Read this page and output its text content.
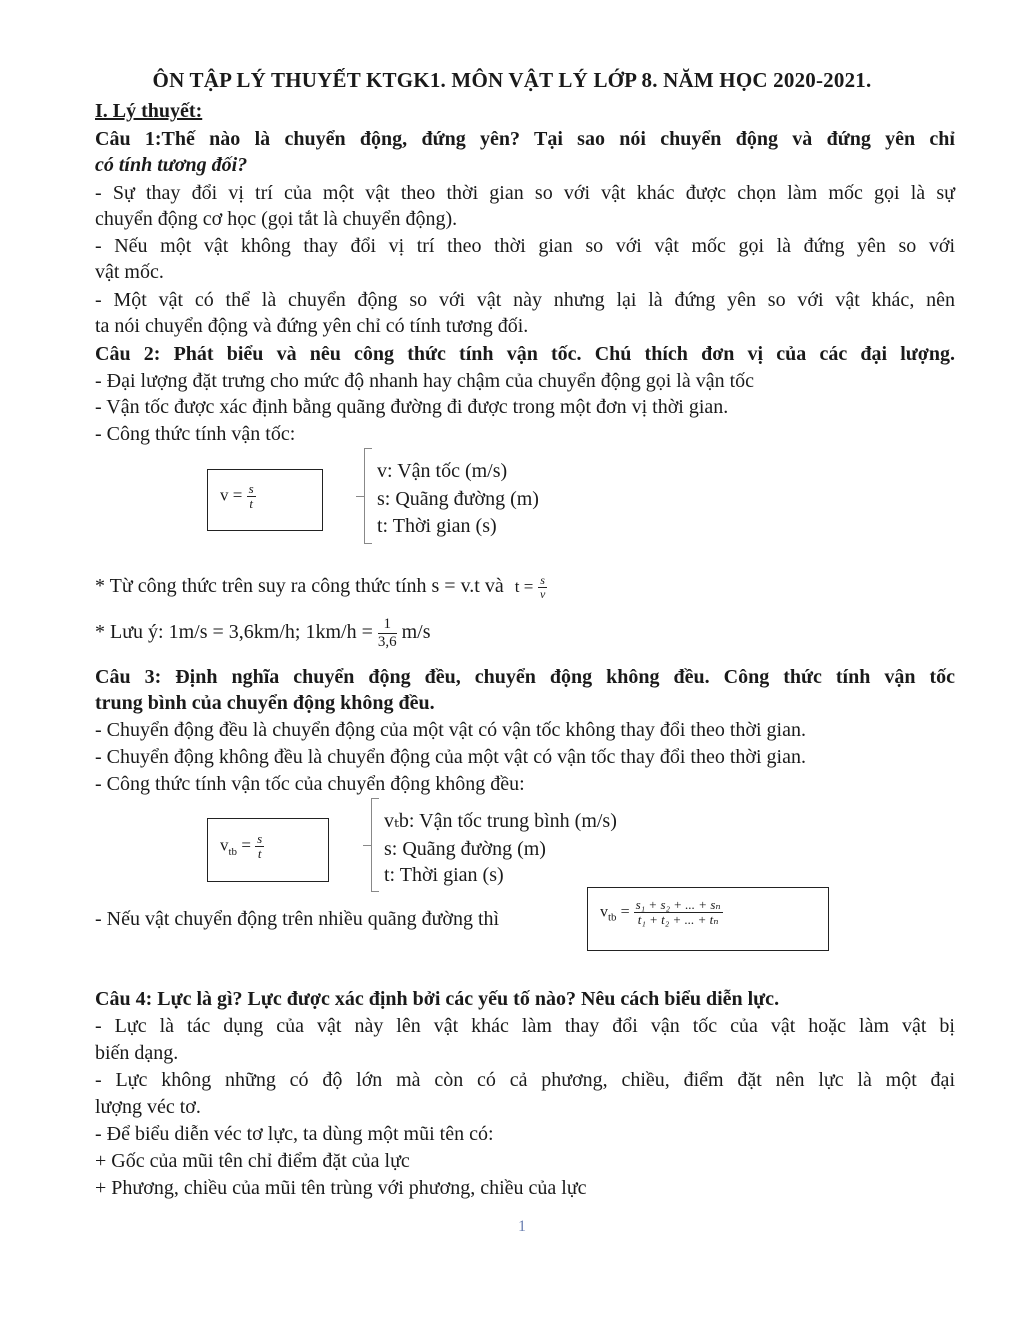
ÔN TẬP LÝ THUYẾT KTGK1. MÔN VẬT LÝ LỚP 8. NĂM HỌC 2020-2021.
I. Lý thuyết:
Câu 1:Thế nào là chuyển động, đứng yên? Tại sao nói chuyển động và đứng yên chỉ
có tính tương đối?
- Sự thay đổi vị trí của một vật theo thời gian so với vật khác được chọn làm mốc gọi là sự
chuyển động cơ học (gọi tắt là chuyển động).
- Nếu một vật không thay đổi vị trí theo thời gian so với vật mốc gọi là đứng yên so với
vật mốc.
- Một vật có thể là chuyển động so với vật này nhưng lại là đứng yên so với vật khác, nên
ta nói chuyển động và đứng yên chỉ có tính tương đối.
Câu 2: Phát biểu và nêu công thức tính vận tốc. Chú thích đơn vị của các đại lượng.
- Đại lượng đặt trưng cho mức độ nhanh hay chậm của chuyển động gọi là vận tốc
- Vận tốc được xác định bằng quãng đường đi được trong một đơn vị thời gian.
- Công thức tính vận tốc:
$v = \frac{s}{t}$
v: Vận tốc (m/s)
s: Quãng đường (m)
t: Thời gian (s)
* Từ công thức trên suy ra công thức tính s = v.t và $t = \frac{s}{v}$
* Lưu ý: 1m/s = 3,6km/h; $1km/h = \frac{1}{3,6} m/s$
Câu 3: Định nghĩa chuyển động đều, chuyển động không đều. Công thức tính vận tốc
trung bình của chuyển động không đều.
- Chuyển động đều là chuyển động của một vật có vận tốc không thay đổi theo thời gian.
- Chuyển động không đều là chuyển động của một vật có vận tốc thay đổi theo thời gian.
- Công thức tính vận tốc của chuyển động không đều:
$v_{tb} = \frac{s}{t}$
vₜb: Vận tốc trung bình (m/s)
s: Quãng đường (m)
t: Thời gian (s)
- Nếu vật chuyển động trên nhiều quãng đường thì	$v_{tb} = \frac{\text{s₁ + s₂ + ... + sₙ}}{\text{t₁ + t₂ + ... + tₙ}}$
Câu 4: Lực là gì? Lực được xác định bởi các yếu tố nào? Nêu cách biểu diễn lực.
- Lực là tác dụng của vật này lên vật khác làm thay đổi vận tốc của vật hoặc làm vật bị
biến dạng.
- Lực không những có độ lớn mà còn có cả phương, chiều, điểm đặt nên lực là một đại
lượng véc tơ.
- Để biểu diễn véc tơ lực, ta dùng một mũi tên có:
+ Gốc của mũi tên chỉ điểm đặt của lực
+ Phương, chiều của mũi tên trùng với phương, chiều của lực
1
